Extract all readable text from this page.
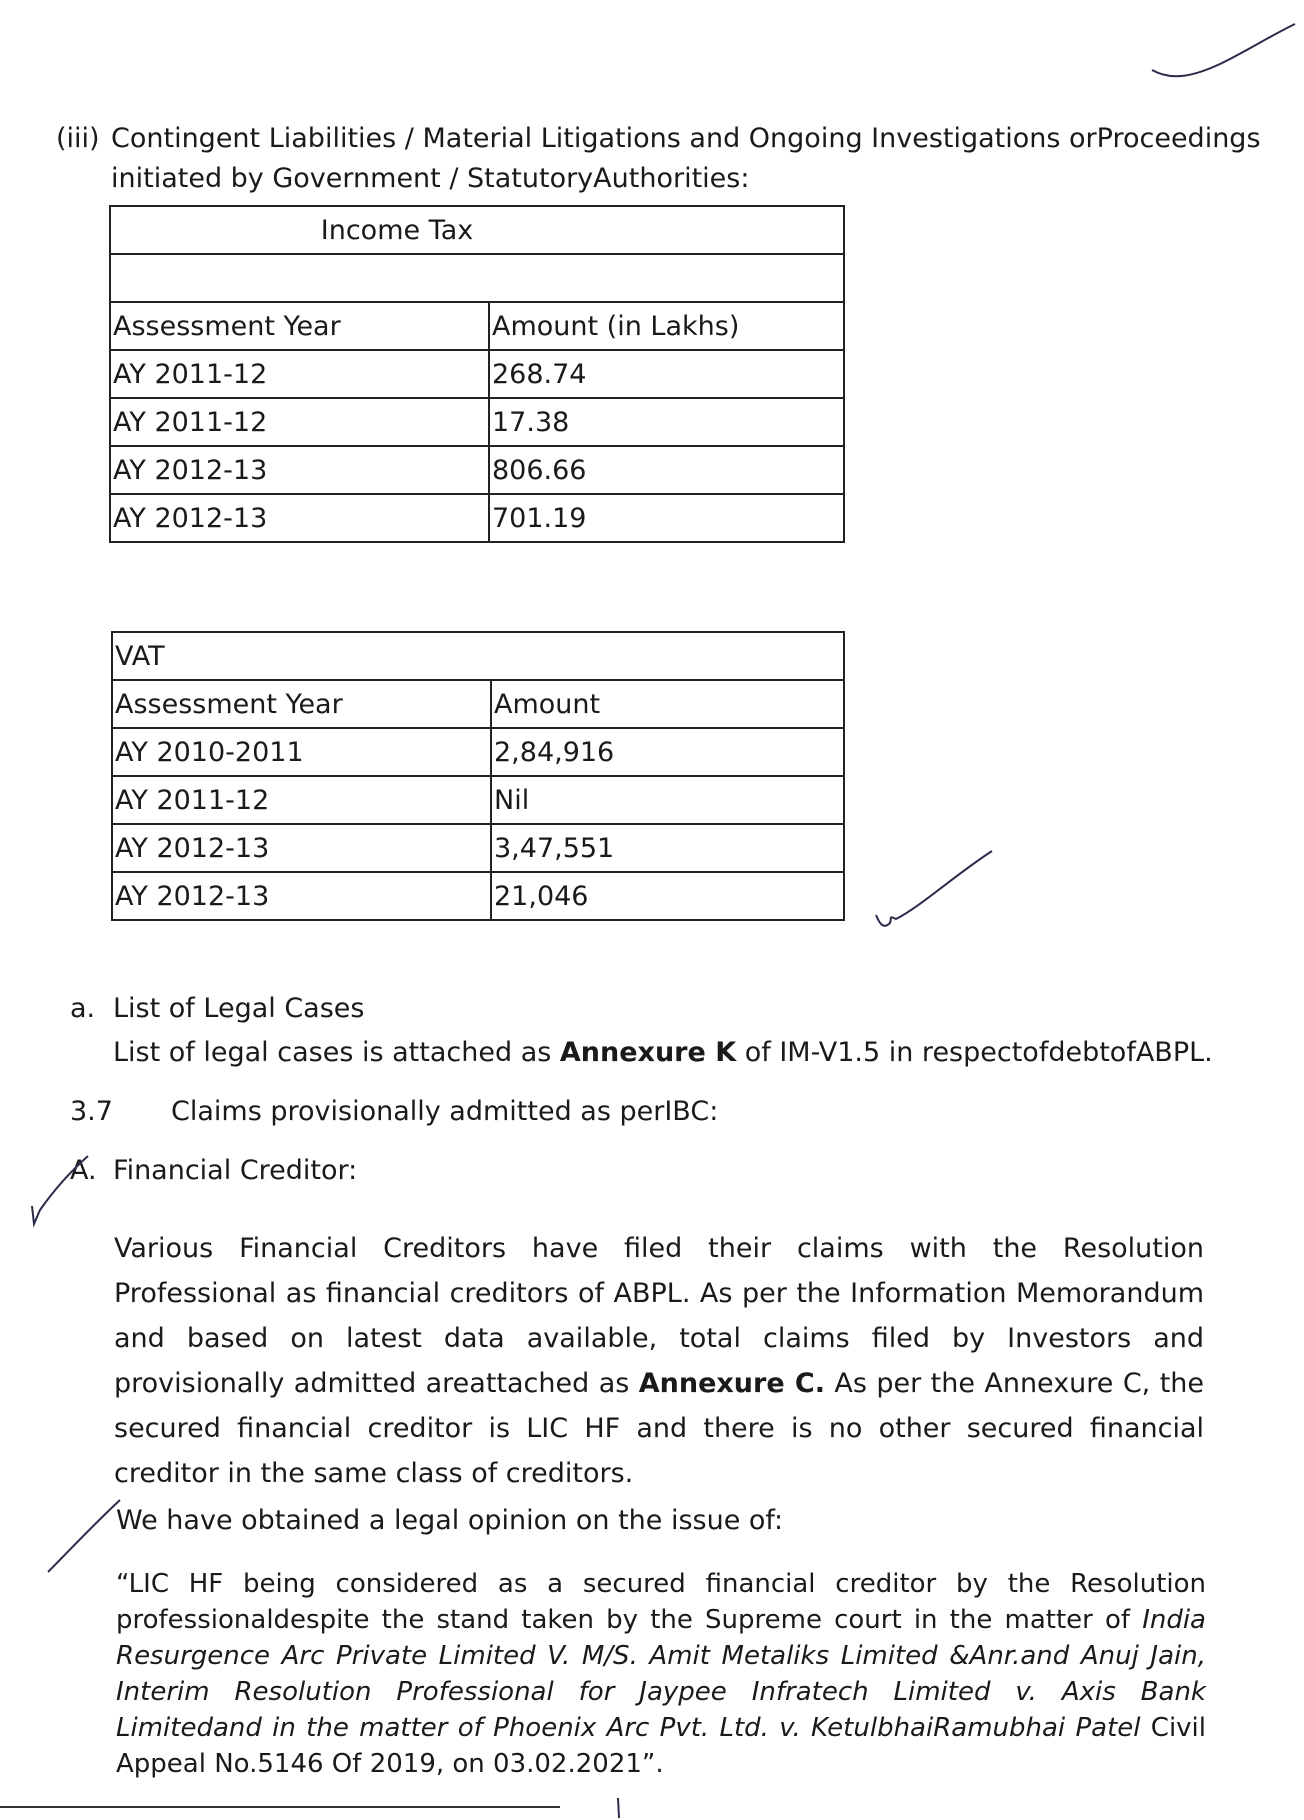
(iii) Contingent Liabilities / Material Litigations and Ongoing Investigations orProceedings
initiated by Government / StatutoryAuthorities:
Income Tax	

Assessment Year	Amount (in Lakhs)
AY 2011-12	268.74
AY 2011-12	17.38
AY 2012-13	806.66
AY 2012-13	701.19
VAT	
Assessment Year	Amount
AY 2010-2011	2,84,916
AY 2011-12	Nil
AY 2012-13	3,47,551
AY 2012-13	21,046
a. List of Legal Cases
List of legal cases is attached as Annexure K of IM-V1.5 in respectofdebtofABPL.
3.7 Claims provisionally admitted as perIBC:
A. Financial Creditor:
Various Financial Creditors have filed their claims with the Resolution Professional as financial creditors of ABPL. As per the Information Memorandum and based on latest data available, total claims filed by Investors and provisionally admitted areattached as Annexure C. As per the Annexure C, the secured financial creditor is LIC HF and there is no other secured financial creditor in the same class of creditors.
We have obtained a legal opinion on the issue of:
“LIC HF being considered as a secured financial creditor by the Resolution professionaldespite the stand taken by the Supreme court in the matter of India Resurgence Arc Private Limited V. M/S. Amit Metaliks Limited &Anr.and Anuj Jain, Interim Resolution Professional for Jaypee Infratech Limited v. Axis Bank Limitedand in the matter of Phoenix Arc Pvt. Ltd. v. KetulbhaiRamubhai Patel Civil Appeal No.5146 Of 2019, on 03.02.2021”.
